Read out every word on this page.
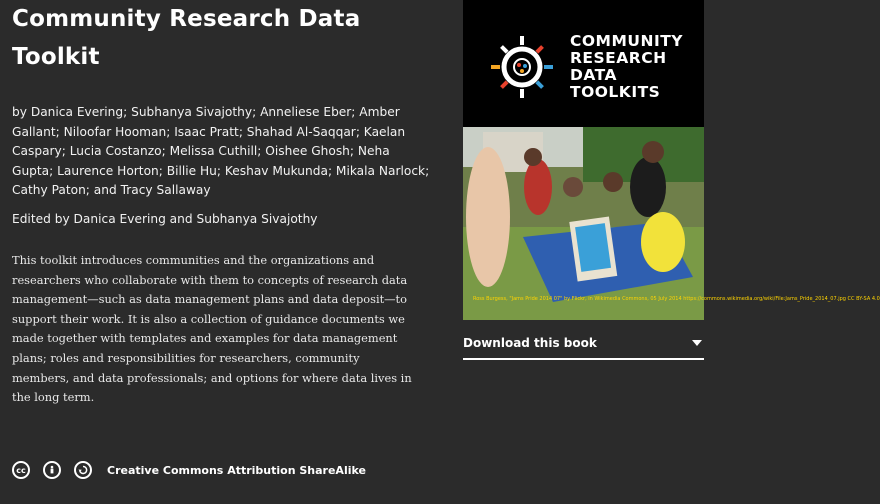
Community Research Data Toolkit
by Danica Evering; Subhanya Sivajothy; Anneliese Eber; Amber Gallant; Niloofar Hooman; Isaac Pratt; Shahad Al-Saqqar; Kaelan Caspary; Lucia Costanzo; Melissa Cuthill; Oishee Ghosh; Neha Gupta; Laurence Horton; Billie Hu; Keshav Mukunda; Mikala Narlock; Cathy Paton; and Tracy Sallaway
Edited by Danica Evering and Subhanya Sivajothy
This toolkit introduces communities and the organizations and researchers who collaborate with them to concepts of research data management—such as data management plans and data deposit—to support their work. It is also a collection of guidance documents we made together with templates and examples for data management plans; roles and responsibilities for researchers, community members, and data professionals; and options for where data lives in the long term.
cc	Creative Commons Attribution ShareAlike
COMMUNITY
RESEARCH
DATA
TOOLKITS
Ross Burgess, "Jams Pride 2014 07" by Flickr, in Wikimedia Commons, 05 July 2014 https://commons.wikimedia.org/wiki/File:Jams_Pride_2014_07.jpg CC BY-SA 4.0
Download this book
